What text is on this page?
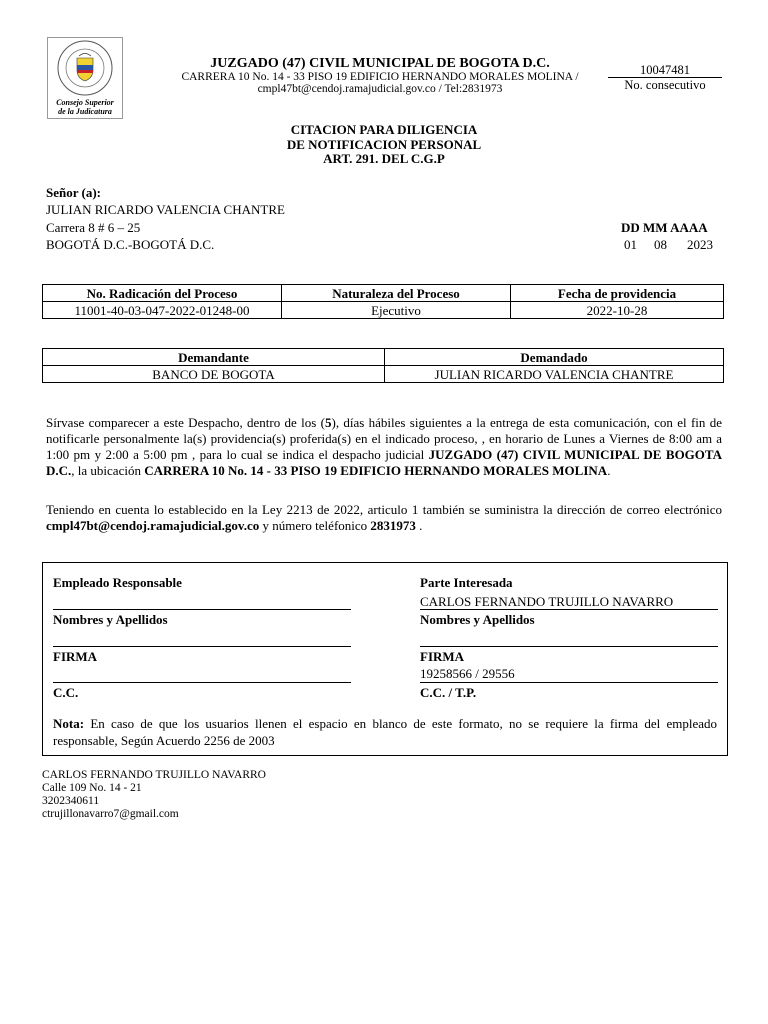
Consejo Superior
de la Judicatura
JUZGADO (47) CIVIL MUNICIPAL DE BOGOTA D.C.
CARRERA 10 No. 14 - 33 PISO 19 EDIFICIO HERNANDO MORALES MOLINA /
cmpl47bt@cendoj.ramajudicial.gov.co / Tel:2831973
10047481
No. consecutivo
CITACION PARA DILIGENCIA
DE NOTIFICACION PERSONAL
ART. 291. DEL C.G.P
Señor (a):
JULIAN RICARDO VALENCIA CHANTRE
Carrera 8 # 6 – 25
BOGOTÁ D.C.-BOGOTÁ D.C.
DD MM AAAA
01 08 2023
No. Radicación del Proceso	Naturaleza del Proceso	Fecha de providencia
11001-40-03-047-2022-01248-00	Ejecutivo	2022-10-28
Demandante	Demandado
BANCO DE BOGOTA	JULIAN RICARDO VALENCIA CHANTRE
Sírvase comparecer a este Despacho, dentro de los (5), días hábiles siguientes a la entrega de esta comunicación, con el fin de notificarle personalmente la(s) providencia(s) proferida(s) en el indicado proceso, , en horario de Lunes a Viernes de 8:00 am a 1:00 pm y 2:00 a 5:00 pm , para lo cual se indica el despacho judicial JUZGADO (47) CIVIL MUNICIPAL DE BOGOTA D.C., la ubicación CARRERA 10 No. 14 - 33 PISO 19 EDIFICIO HERNANDO MORALES MOLINA.
Teniendo en cuenta lo establecido en la Ley 2213 de 2022, articulo 1 también se suministra la dirección de correo electrónico cmpl47bt@cendoj.ramajudicial.gov.co y número teléfonico 2831973 .
Empleado Responsable
Nombres y Apellidos
FIRMA
C.C.
Parte Interesada
CARLOS FERNANDO TRUJILLO NAVARRO
Nombres y Apellidos
FIRMA
19258566 / 29556
C.C. / T.P.
Nota: En caso de que los usuarios llenen el espacio en blanco de este formato, no se requiere la firma del empleado responsable, Según Acuerdo 2256 de 2003
CARLOS FERNANDO TRUJILLO NAVARRO
Calle 109 No. 14 - 21
3202340611
ctrujillonavarro7@gmail.com
